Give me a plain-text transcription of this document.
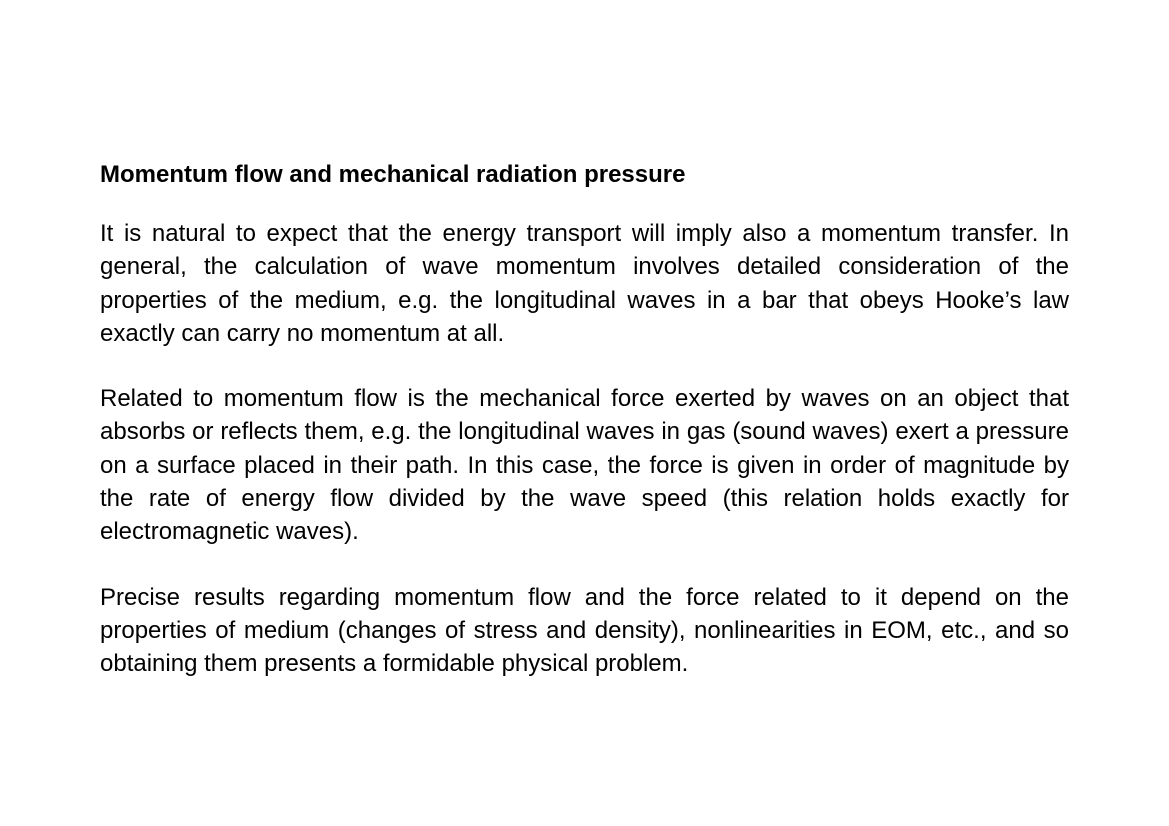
Momentum flow and mechanical radiation pressure

It is natural to expect that the energy transport will imply also a momentum transfer. In general, the calculation of wave momentum involves detailed consideration of the properties of the medium, e.g. the longitudinal waves in a bar that obeys Hooke’s law exactly can carry no momentum at all.

Related to momentum flow is the mechanical force exerted by waves on an object that absorbs or reflects them, e.g. the longitudinal waves in gas (sound waves) exert a pressure on a surface placed in their path. In this case, the force is given in order of magnitude by the rate of energy flow divided by the wave speed (this relation holds exactly for electromagnetic waves).

Precise results regarding momentum flow and the force related to it depend on the properties of medium (changes of stress and density), nonlinearities in EOM, etc., and so obtaining them presents a formidable physical problem.
